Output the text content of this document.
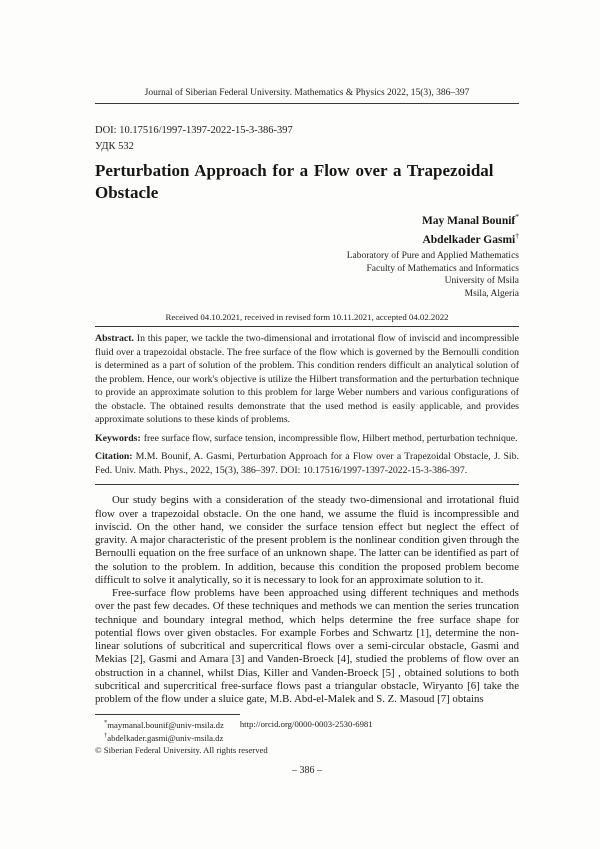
Journal of Siberian Federal University. Mathematics & Physics 2022, 15(3), 386–397

DOI: 10.17516/1997-1397-2022-15-3-386-397

УДК 532

Perturbation Approach for a Flow over a Trapezoidal Obstacle
May Manal Bounif*
Abdelkader Gasmi†
Laboratory of Pure and Applied Mathematics
Faculty of Mathematics and Informatics
University of Msila
Msila, Algeria

Received 04.10.2021, received in revised form 10.11.2021, accepted 04.02.2022

Abstract. In this paper, we tackle the two-dimensional and irrotational flow of inviscid and incompressible fluid over a trapezoidal obstacle. The free surface of the flow which is governed by the Bernoulli condition is determined as a part of solution of the problem. This condition renders difficult an analytical solution of the problem. Hence, our work's objective is utilize the Hilbert transformation and the perturbation technique to provide an approximate solution to this problem for large Weber numbers and various configurations of the obstacle. The obtained results demonstrate that the used method is easily applicable, and provides approximate solutions to these kinds of problems.

Keywords: free surface flow, surface tension, incompressible flow, Hilbert method, perturbation technique.

Citation: M.M. Bounif, A. Gasmi, Perturbation Approach for a Flow over a Trapezoidal Obstacle, J. Sib. Fed. Univ. Math. Phys., 2022, 15(3), 386–397. DOI: 10.17516/1997-1397-2022-15-3-386-397.

Our study begins with a consideration of the steady two-dimensional and irrotational fluid flow over a trapezoidal obstacle. On the one hand, we assume the fluid is incompressible and inviscid. On the other hand, we consider the surface tension effect but neglect the effect of gravity. A major characteristic of the present problem is the nonlinear condition given through the Bernoulli equation on the free surface of an unknown shape. The latter can be identified as part of the solution to the problem. In addition, because this condition the proposed problem become difficult to solve it analytically, so it is necessary to look for an approximate solution to it.

Free-surface flow problems have been approached using different techniques and methods over the past few decades. Of these techniques and methods we can mention the series truncation technique and boundary integral method, which helps determine the free surface shape for potential flows over given obstacles. For example Forbes and Schwartz [1], determine the non-linear solutions of subcritical and supercritical flows over a semi-circular obstacle, Gasmi and Mekias [2], Gasmi and Amara [3] and Vanden-Broeck [4], studied the problems of flow over an obstruction in a channel, whilst Dias, Killer and Vanden-Broeck [5] , obtained solutions to both subcritical and supercritical free-surface flows past a triangular obstacle, Wiryanto [6] take the problem of the flow under a sluice gate, M.B. Abd-el-Malek and S. Z. Masoud [7] obtains

*maymanal.bounif@univ-msila.dz http://orcid.org/0000-0003-2530-6981
†abdelkader.gasmi@univ-msila.dz
© Siberian Federal University. All rights reserved

– 386 –
